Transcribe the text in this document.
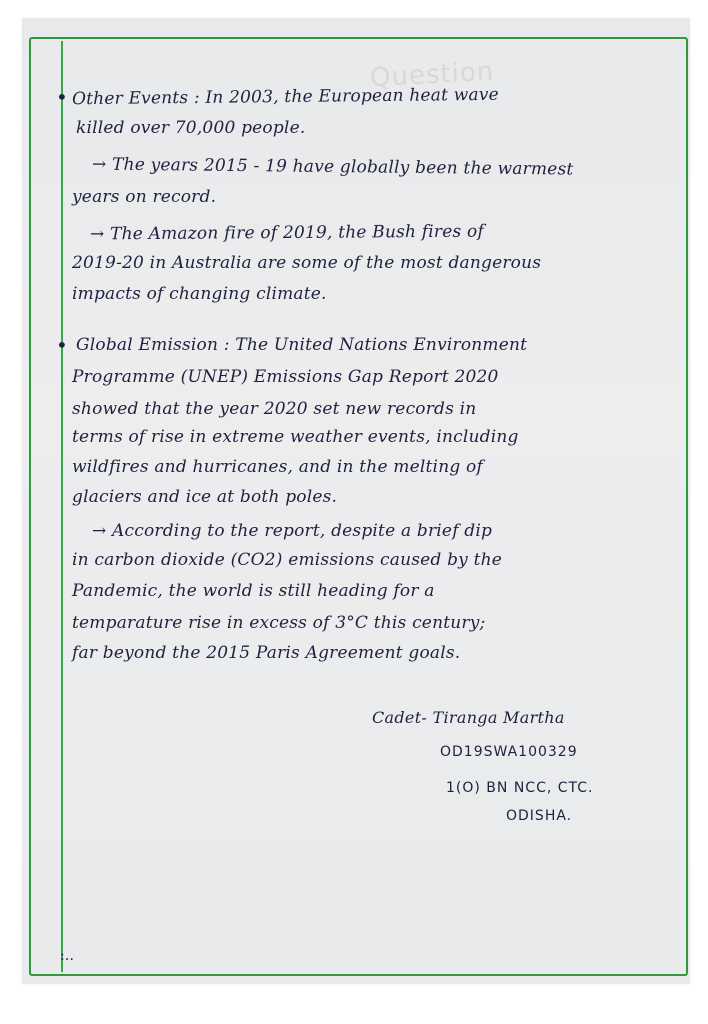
Question
• Other Events : In 2003, the European heat wave
killed over 70,000 people.
→ The years 2015 - 19 have globally been the warmest
years on record.
→ The Amazon fire of 2019, the Bush fires of
2019-20 in Australia are some of the most dangerous
impacts of changing climate.
• Global Emission : The United Nations Environment
Programme (UNEP) Emissions Gap Report 2020
showed that the year 2020 set new records in
terms of rise in extreme weather events, including
wildfires and hurricanes, and in the melting of
glaciers and ice at both poles.
→ According to the report, despite a brief dip
in carbon dioxide (CO2) emissions caused by the
Pandemic, the world is still heading for a
temparature rise in excess of 3°C this century;
far beyond the 2015 Paris Agreement goals.
Cadet- Tiranga Martha
OD19SWA100329
1(O) BN NCC, CTC.
ODISHA.
:‥
